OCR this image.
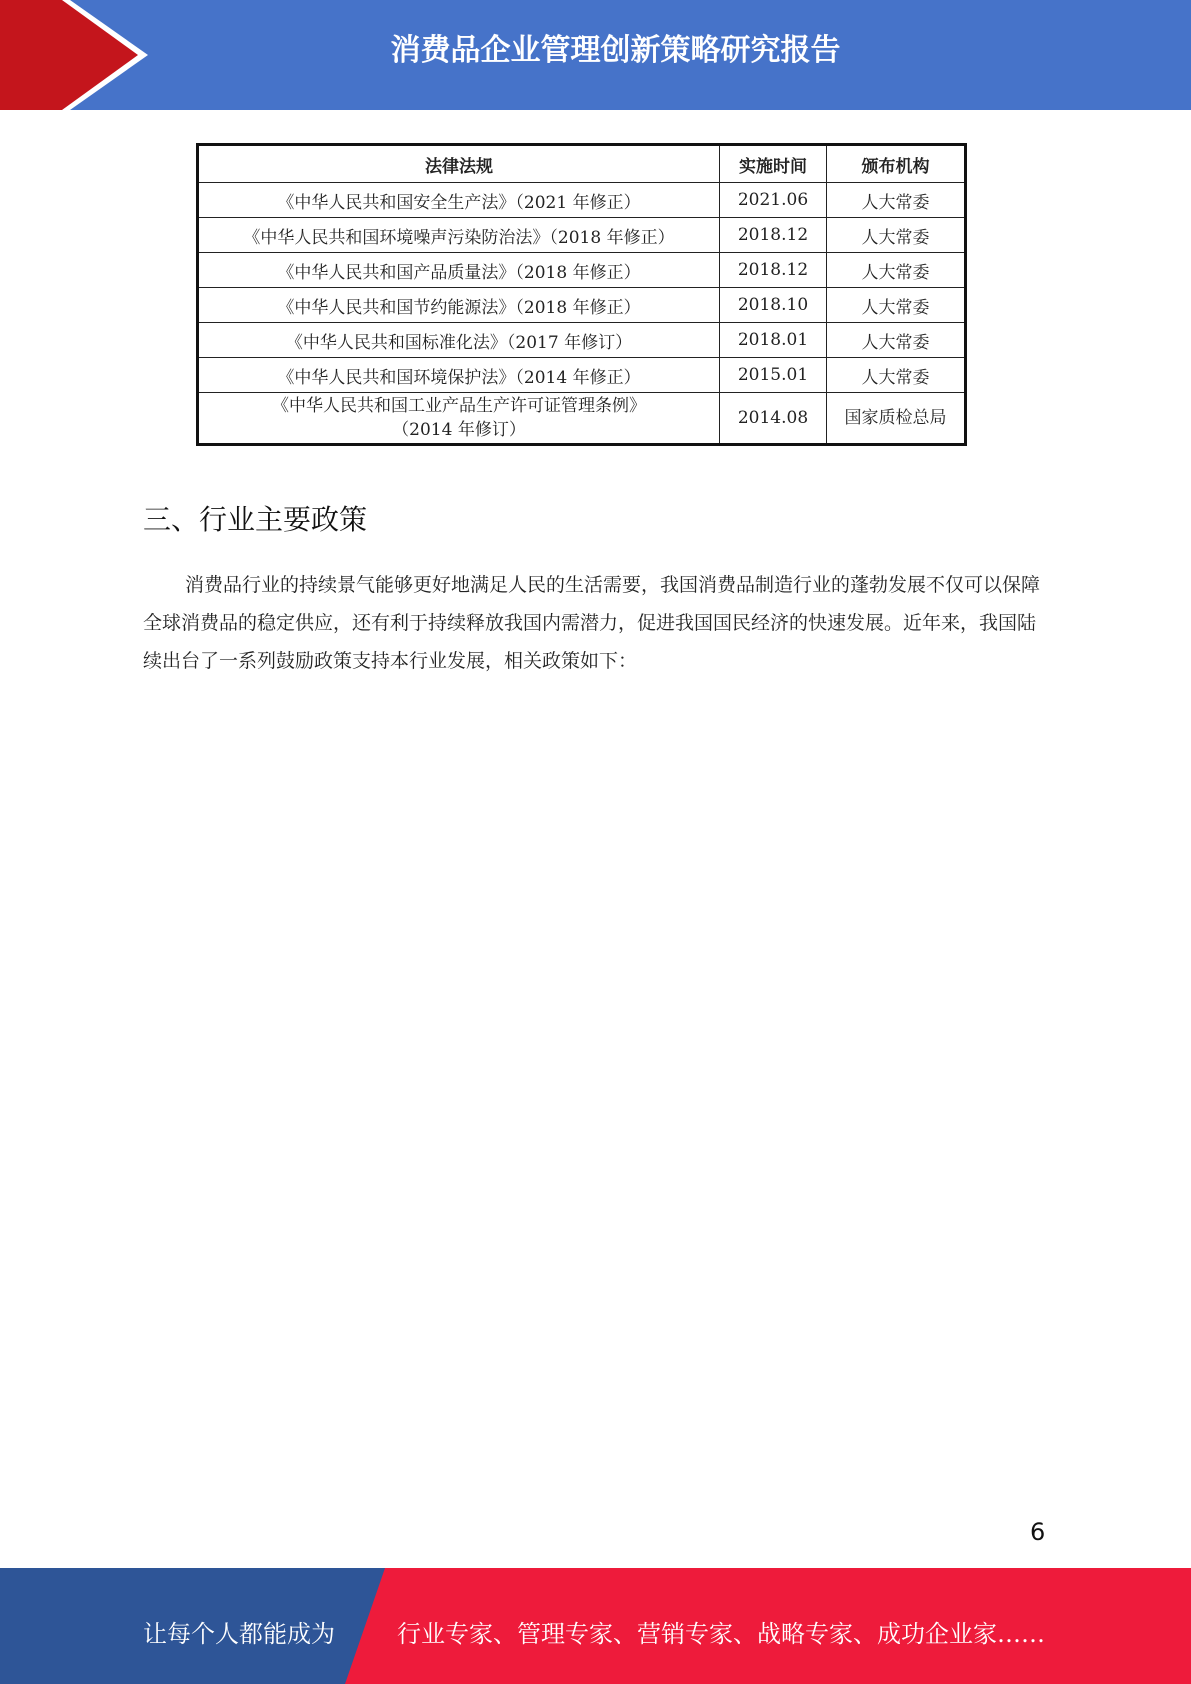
消费品企业管理创新策略研究报告
法律法规	实施时间	颁布机构
《中华人民共和国安全生产法》（2021 年修正）	2021.06	人大常委
《中华人民共和国环境噪声污染防治法》（2018 年修正）	2018.12	人大常委
《中华人民共和国产品质量法》（2018 年修正）	2018.12	人大常委
《中华人民共和国节约能源法》（2018 年修正）	2018.10	人大常委
《中华人民共和国标准化法》（2017 年修订）	2018.01	人大常委
《中华人民共和国环境保护法》（2014 年修正）	2015.01	人大常委

《中华人民共和国工业产品生产许可证管理条例》
（2014 年修订）	2014.08	国家质检总局
三、行业主要政策

消费品行业的持续景气能够更好地满足人民的生活需要，我国消费品制造行业的蓬勃发展不仅可以保障全球消费品的稳定供应，还有利于持续释放我国内需潜力，促进我国国民经济的快速发展。近年来，我国陆续出台了一系列鼓励政策支持本行业发展，相关政策如下：

6
让每个人都能成为	行业专家、管理专家、营销专家、战略专家、成功企业家……
